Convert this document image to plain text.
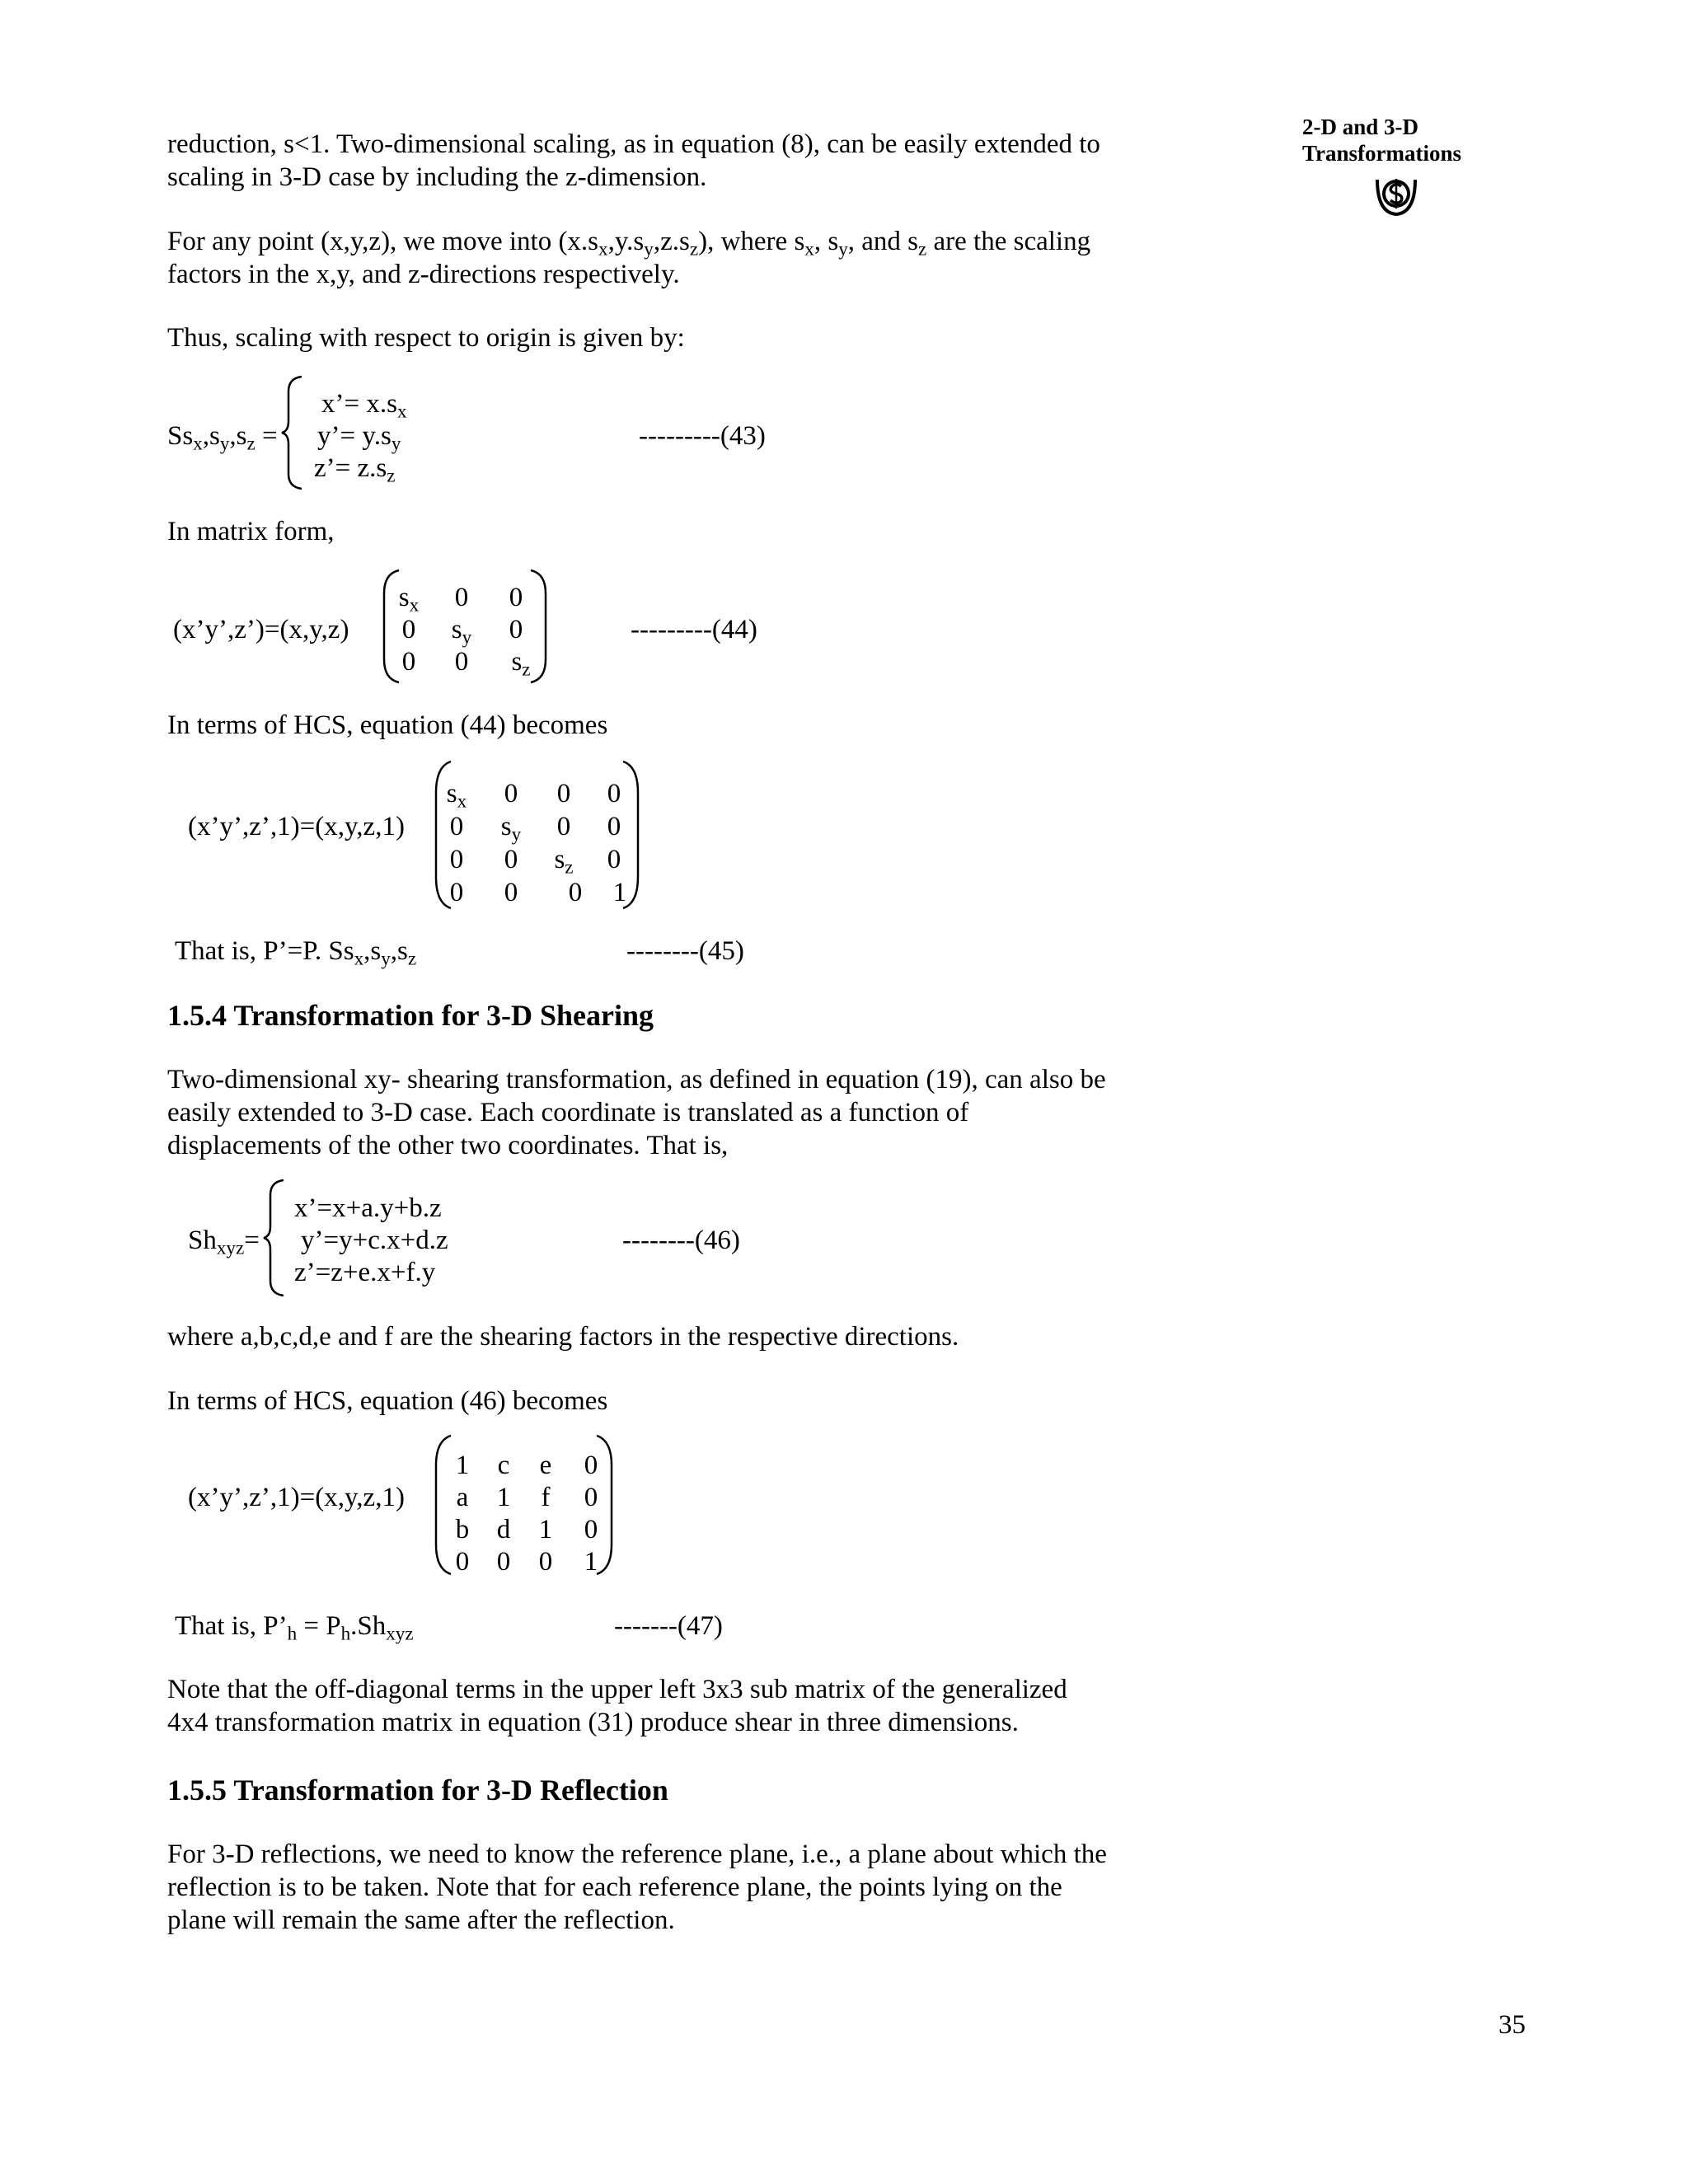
2-D and 3-D
Transformations

reduction, s<1. Two-dimensional scaling, as in equation (8), can be easily extended to

scaling in 3-D case by including the z-dimension.

For any point (x,y,z), we move into $(x.s_x,y.s_y,z.s_z)$, where $s_x$, $s_y$, and $s_z$ are the scaling

factors in the x,y, and z-directions respectively.

Thus, scaling with respect to origin is given by:

$Ss_x,s_y,s_z$ =
x’= $x.s_x$
y’= $y.s_y$
z’= $z.s_z$
---------(43)

In matrix form,

(x’y’,z’)=(x,y,z)
$s_x$	0	0
0	$s_y$	0
0	0	$s_z$
---------(44)

In terms of HCS, equation (44) becomes

(x’y’,z’,1)=(x,y,z,1)
$s_x$	0	0	0
0	$s_y$	0	0
0	0	$s_z$	0
0	0	0	1
That is, P’=P. $Ss_x,s_y,s_z$	--------(45)
1.5.4 Transformation for 3-D Shearing

Two-dimensional xy- shearing transformation, as defined in equation (19), can also be

easily extended to 3-D case. Each coordinate is translated as a function of

displacements of the other two coordinates. That is,

$Sh_{xyz}=$
x’=x+a.y+b.z
y’=y+c.x+d.z
z’=z+e.x+f.y
--------(46)

where a,b,c,d,e and f are the shearing factors in the respective directions.

In terms of HCS, equation (46) becomes

(x’y’,z’,1)=(x,y,z,1)
1	c	e	0
a	1	f	0
b	d	1	0
0	0	0	1
That is, $P’_h = P_h.Sh_{xyz}$	-------(47)

Note that the off-diagonal terms in the upper left 3x3 sub matrix of the generalized

4x4 transformation matrix in equation (31) produce shear in three dimensions.

1.5.5 Transformation for 3-D Reflection

For 3-D reflections, we need to know the reference plane, i.e., a plane about which the

reflection is to be taken. Note that for each reference plane, the points lying on the

plane will remain the same after the reflection.

35
